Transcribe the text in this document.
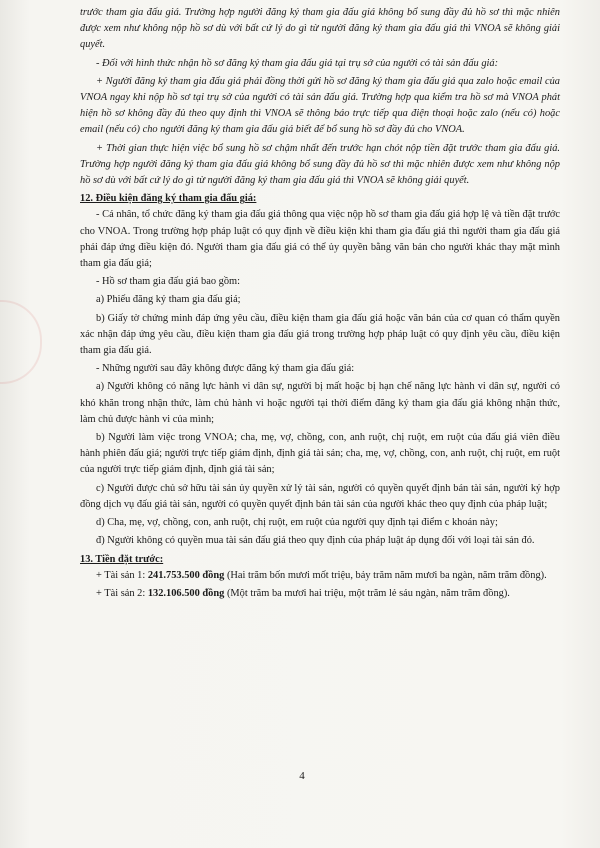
trước tham gia đấu giá. Trường hợp người đăng ký tham gia đấu giá không bổ sung đầy đủ hồ sơ thì mặc nhiên được xem như không nộp hồ sơ dù với bất cứ lý do gì từ người đăng ký tham gia đấu giá thì VNOA sẽ không giải quyết.

- Đối với hình thức nhận hồ sơ đăng ký tham gia đấu giá tại trụ sở của người có tài sản đấu giá:

+ Người đăng ký tham gia đấu giá phải đồng thời gửi hồ sơ đăng ký tham gia đấu giá qua zalo hoặc email của VNOA ngay khi nộp hồ sơ tại trụ sở của người có tài sản đấu giá. Trường hợp qua kiểm tra hồ sơ mà VNOA phát hiện hồ sơ không đầy đủ theo quy định thì VNOA sẽ thông báo trực tiếp qua điện thoại hoặc zalo (nếu có) hoặc email (nếu có) cho người đăng ký tham gia đấu giá biết để bổ sung hồ sơ đầy đủ cho VNOA.

+ Thời gian thực hiện việc bổ sung hồ sơ chậm nhất đến trước hạn chót nộp tiền đặt trước tham gia đấu giá. Trường hợp người đăng ký tham gia đấu giá không bổ sung đầy đủ hồ sơ thì mặc nhiên được xem như không nộp hồ sơ dù với bất cứ lý do gì từ người đăng ký tham gia đấu giá thì VNOA sẽ không giải quyết.

12. Điều kiện đăng ký tham gia đấu giá:

- Cá nhân, tổ chức đăng ký tham gia đấu giá thông qua việc nộp hồ sơ tham gia đấu giá hợp lệ và tiền đặt trước cho VNOA. Trong trường hợp pháp luật có quy định về điều kiện khi tham gia đấu giá thì người tham gia đấu giá phải đáp ứng điều kiện đó. Người tham gia đấu giá có thể ủy quyền bằng văn bản cho người khác thay mặt mình tham gia đấu giá;

- Hồ sơ tham gia đấu giá bao gồm:

a) Phiếu đăng ký tham gia đấu giá;

b) Giấy tờ chứng minh đáp ứng yêu cầu, điều kiện tham gia đấu giá hoặc văn bản của cơ quan có thẩm quyền xác nhận đáp ứng yêu cầu, điều kiện tham gia đấu giá trong trường hợp pháp luật có quy định yêu cầu, điều kiện tham gia đấu giá.

- Những người sau đây không được đăng ký tham gia đấu giá:

a) Người không có năng lực hành vi dân sự, người bị mất hoặc bị hạn chế năng lực hành vi dân sự, người có khó khăn trong nhận thức, làm chủ hành vi hoặc người tại thời điểm đăng ký tham gia đấu giá không nhận thức, làm chủ được hành vi của mình;

b) Người làm việc trong VNOA; cha, mẹ, vợ, chồng, con, anh ruột, chị ruột, em ruột của đấu giá viên điều hành phiên đấu giá; người trực tiếp giám định, định giá tài sản; cha, mẹ, vợ, chồng, con, anh ruột, chị ruột, em ruột của người trực tiếp giám định, định giá tài sản;

c) Người được chủ sở hữu tài sản ủy quyền xử lý tài sản, người có quyền quyết định bán tài sản, người ký hợp đồng dịch vụ đấu giá tài sản, người có quyền quyết định bán tài sản của người khác theo quy định của pháp luật;

d) Cha, mẹ, vợ, chồng, con, anh ruột, chị ruột, em ruột của người quy định tại điểm c khoản này;

đ) Người không có quyền mua tài sản đấu giá theo quy định của pháp luật áp dụng đối với loại tài sản đó.

13. Tiền đặt trước:

+ Tài sản 1: 241.753.500 đồng (Hai trăm bốn mươi mốt triệu, bảy trăm năm mươi ba ngàn, năm trăm đồng).

+ Tài sản 2: 132.106.500 đồng (Một trăm ba mươi hai triệu, một trăm lẻ sáu ngàn, năm trăm đồng).

4
